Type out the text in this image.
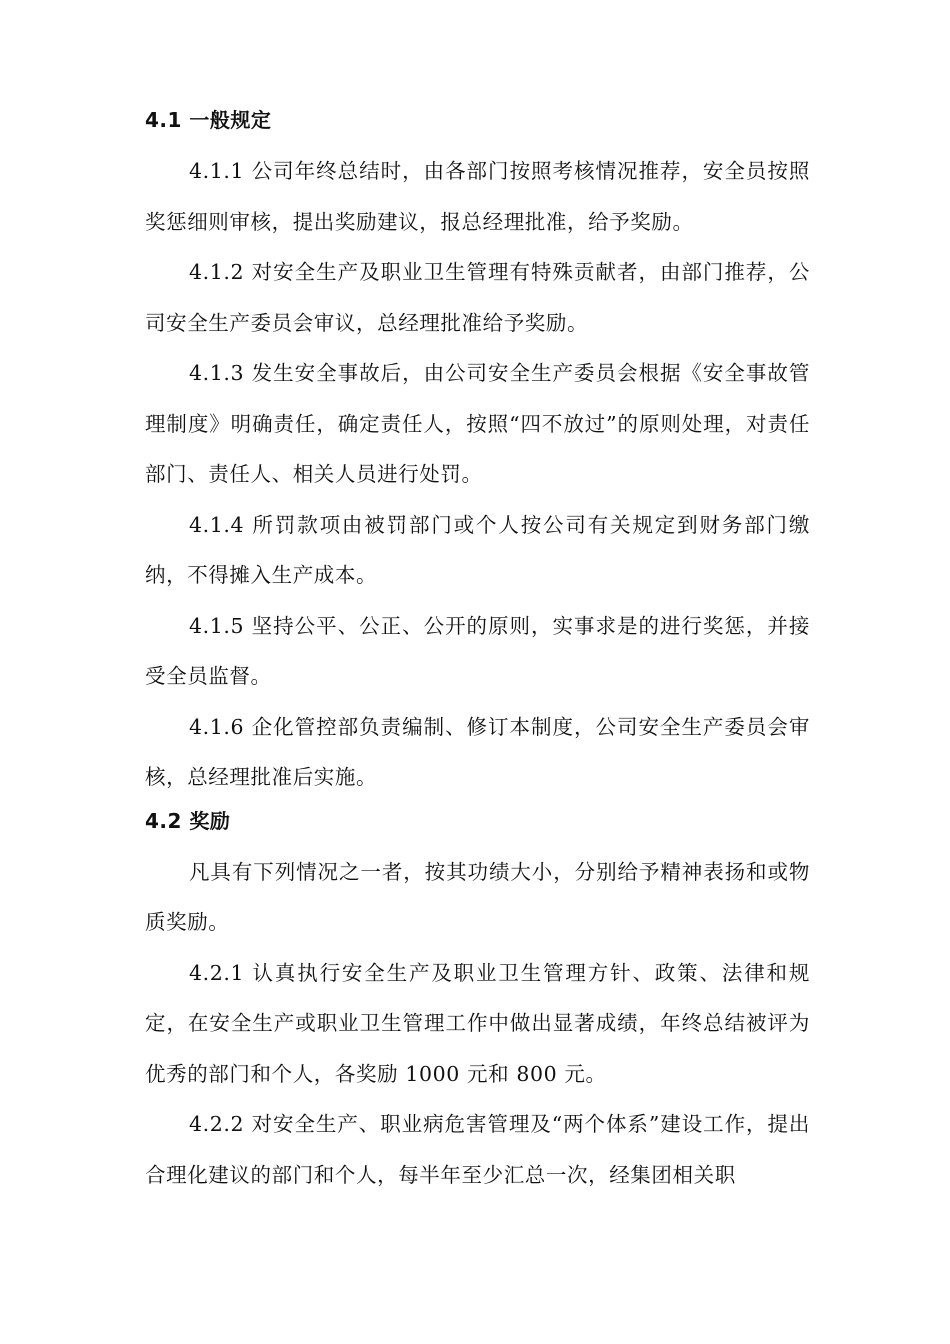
4.1 一般规定

4.1.1 公司年终总结时，由各部门按照考核情况推荐，安全员按照奖惩细则审核，提出奖励建议，报总经理批准，给予奖励。

4.1.2 对安全生产及职业卫生管理有特殊贡献者，由部门推荐，公司安全生产委员会审议，总经理批准给予奖励。

4.1.3 发生安全事故后，由公司安全生产委员会根据《安全事故管理制度》明确责任，确定责任人，按照“四不放过”的原则处理，对责任部门、责任人、相关人员进行处罚。

4.1.4 所罚款项由被罚部门或个人按公司有关规定到财务部门缴纳，不得摊入生产成本。

4.1.5 坚持公平、公正、公开的原则，实事求是的进行奖惩，并接受全员监督。

4.1.6 企化管控部负责编制、修订本制度，公司安全生产委员会审核，总经理批准后实施。

4.2 奖励

凡具有下列情况之一者，按其功绩大小，分别给予精神表扬和或物质奖励。

4.2.1 认真执行安全生产及职业卫生管理方针、政策、法律和规定，在安全生产或职业卫生管理工作中做出显著成绩，年终总结被评为优秀的部门和个人，各奖励 1000 元和 800 元。

4.2.2 对安全生产、职业病危害管理及“两个体系”建设工作，提出合理化建议的部门和个人，每半年至少汇总一次，经集团相关职
